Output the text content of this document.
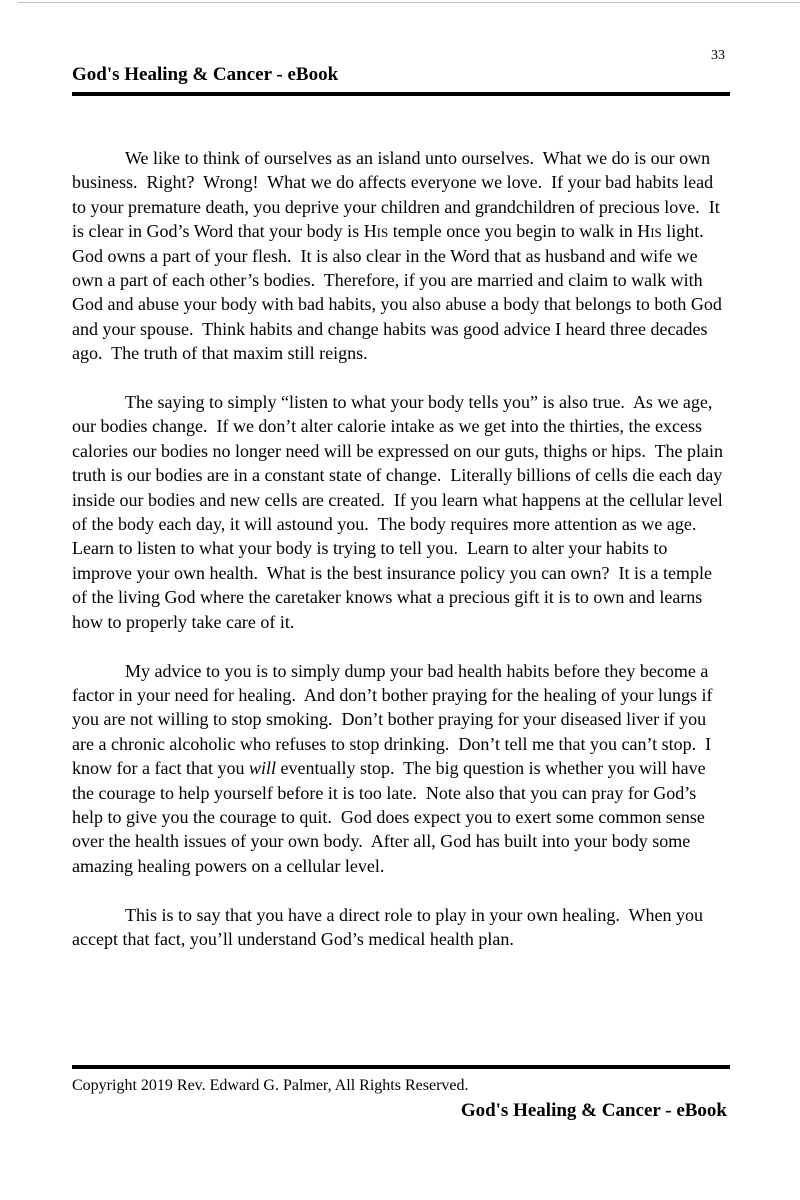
33
God's Healing & Cancer - eBook

We like to think of ourselves as an island unto ourselves.  What we do is our own business.  Right?  Wrong!  What we do affects everyone we love.  If your bad habits lead to your premature death, you deprive your children and grandchildren of precious love.  It is clear in God’s Word that your body is His temple once you begin to walk in His light.  God owns a part of your flesh.  It is also clear in the Word that as husband and wife we own a part of each other’s bodies.  Therefore, if you are married and claim to walk with God and abuse your body with bad habits, you also abuse a body that belongs to both God and your spouse.  Think habits and change habits was good advice I heard three decades ago.  The truth of that maxim still reigns.

The saying to simply “listen to what your body tells you” is also true.  As we age, our bodies change.  If we don’t alter calorie intake as we get into the thirties, the excess calories our bodies no longer need will be expressed on our guts, thighs or hips.  The plain truth is our bodies are in a constant state of change.  Literally billions of cells die each day inside our bodies and new cells are created.  If you learn what happens at the cellular level of the body each day, it will astound you.  The body requires more attention as we age.  Learn to listen to what your body is trying to tell you.  Learn to alter your habits to improve your own health.  What is the best insurance policy you can own?  It is a temple of the living God where the caretaker knows what a precious gift it is to own and learns how to properly take care of it.

My advice to you is to simply dump your bad health habits before they become a factor in your need for healing.  And don’t bother praying for the healing of your lungs if you are not willing to stop smoking.  Don’t bother praying for your diseased liver if you are a chronic alcoholic who refuses to stop drinking.  Don’t tell me that you can’t stop.  I know for a fact that you will eventually stop.  The big question is whether you will have the courage to help yourself before it is too late.  Note also that you can pray for God’s help to give you the courage to quit.  God does expect you to exert some common sense over the health issues of your own body.  After all, God has built into your body some amazing healing powers on a cellular level.

This is to say that you have a direct role to play in your own healing.  When you accept that fact, you’ll understand God’s medical health plan.

Copyright 2019 Rev. Edward G. Palmer, All Rights Reserved.
God's Healing & Cancer - eBook
